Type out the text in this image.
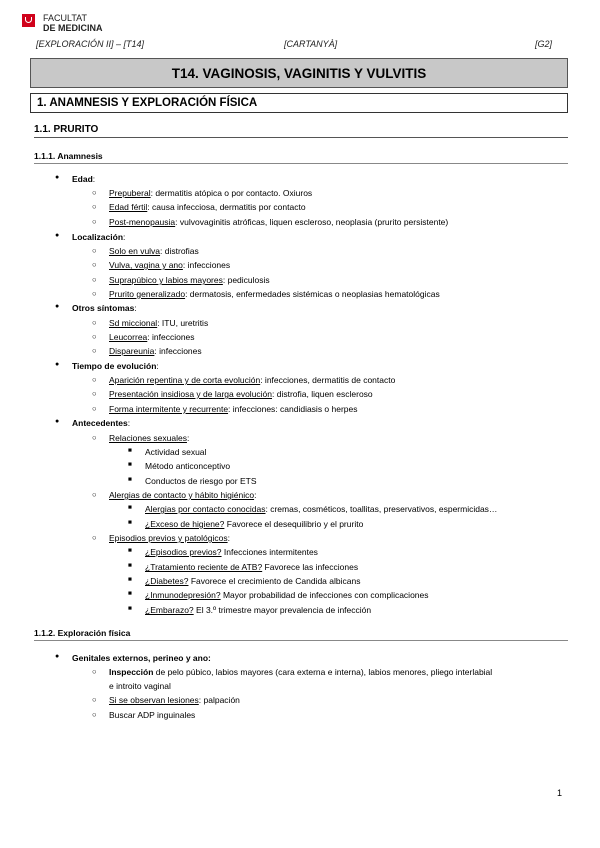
FACULTAT
DE MEDICINA
[EXPLORACIÓN II] – [T14]	[CARTANYÀ]	[G2]
T14. VAGINOSIS, VAGINITIS Y VULVITIS
1. ANAMNESIS Y EXPLORACIÓN FÍSICA
1.1. PRURITO
1.1.1. Anamnesis
● Edad:
○ Prepuberal: dermatitis atópica o por contacto. Oxiuros
○ Edad fértil: causa infecciosa, dermatitis por contacto
○ Post-menopausia: vulvovaginitis atróficas, liquen escleroso, neoplasia (prurito persistente)
● Localización:
○ Solo en vulva: distrofias
○ Vulva, vagina y ano: infecciones
○ Suprapúbico y labios mayores: pediculosis
○ Prurito generalizado: dermatosis, enfermedades sistémicas o neoplasias hematológicas
● Otros síntomas:
○ Sd miccional: ITU, uretritis
○ Leucorrea: infecciones
○ Dispareunia: infecciones
● Tiempo de evolución:
○ Aparición repentina y de corta evolución: infecciones, dermatitis de contacto
○ Presentación insidiosa y de larga evolución: distrofia, liquen escleroso
○ Forma intermitente y recurrente: infecciones: candidiasis o herpes
● Antecedentes:
○ Relaciones sexuales:
■ Actividad sexual
■ Método anticonceptivo
■ Conductos de riesgo por ETS
○ Alergias de contacto y hábito higiénico:
■ Alergias por contacto conocidas: cremas, cosméticos, toallitas, preservativos, espermicidas…
■ ¿Exceso de higiene? Favorece el desequilibrio y el prurito
○ Episodios previos y patológicos:
■ ¿Episodios previos? Infecciones intermitentes
■ ¿Tratamiento reciente de ATB? Favorece las infecciones
■ ¿Diabetes? Favorece el crecimiento de Candida albicans
■ ¿Inmunodepresión? Mayor probabilidad de infecciones con complicaciones
■ ¿Embarazo? El 3.º trimestre mayor prevalencia de infección
1.1.2. Exploración física
● Genitales externos, perineo y ano:
○ Inspección de pelo púbico, labios mayores (cara externa e interna), labios menores, pliego interlabial
e introito vaginal
○ Si se observan lesiones: palpación
○ Buscar ADP inguinales
1
